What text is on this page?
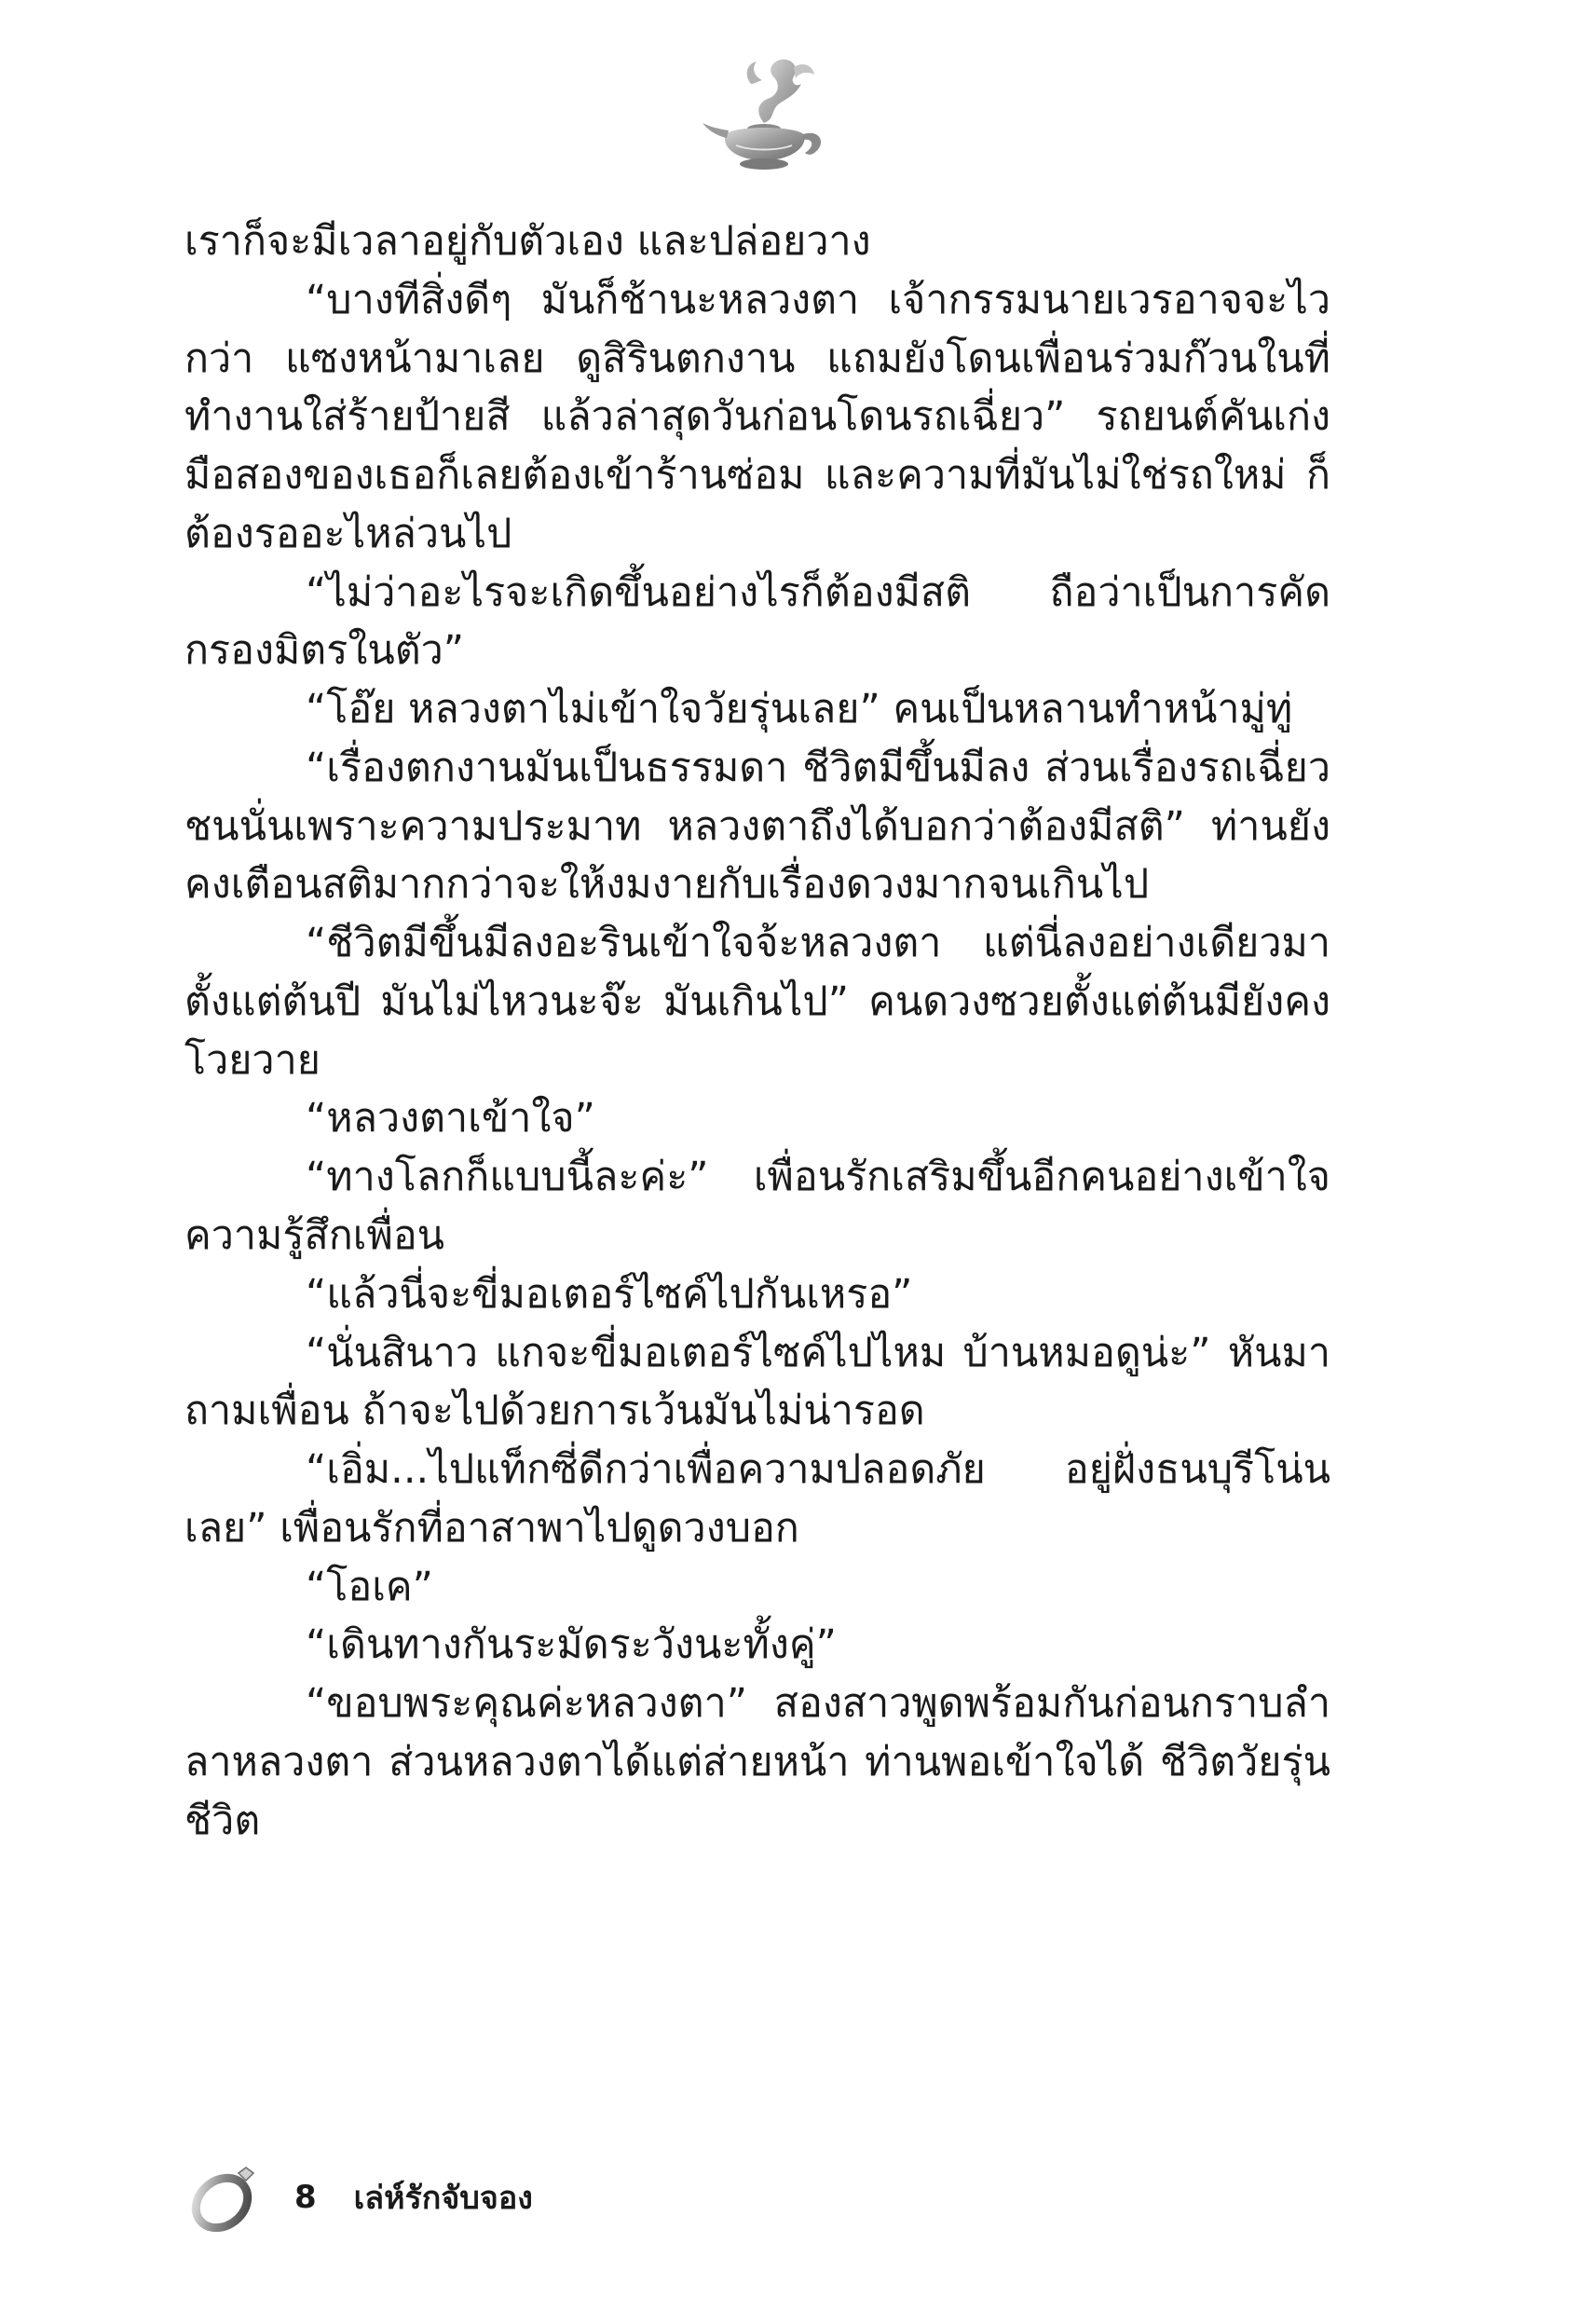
เราก็จะมีเวลาอยู่กับตัวเอง และปล่อยวาง

“บางทีสิ่งดีๆ มันก็ช้านะหลวงตา เจ้ากรรมนายเวรอาจจะไวกว่า แซงหน้ามาเลย ดูสิรินตกงาน แถมยังโดนเพื่อนร่วมก๊วนในที่ทำงานใส่ร้ายป้ายสี แล้วล่าสุดวันก่อนโดนรถเฉี่ยว” รถยนต์คันเก่งมือสองของเธอก็เลยต้องเข้าร้านซ่อม และความที่มันไม่ใช่รถใหม่ ก็ต้องรออะไหล่วนไป

“ไม่ว่าอะไรจะเกิดขึ้นอย่างไรก็ต้องมีสติ ถือว่าเป็นการคัดกรองมิตรในตัว”

“โอ๊ย หลวงตาไม่เข้าใจวัยรุ่นเลย” คนเป็นหลานทำหน้ามู่ทู่

“เรื่องตกงานมันเป็นธรรมดา ชีวิตมีขึ้นมีลง ส่วนเรื่องรถเฉี่ยวชนนั่นเพราะความประมาท หลวงตาถึงได้บอกว่าต้องมีสติ” ท่านยังคงเตือนสติมากกว่าจะให้งมงายกับเรื่องดวงมากจนเกินไป

“ชีวิตมีขึ้นมีลงอะรินเข้าใจจ้ะหลวงตา แต่นี่ลงอย่างเดียวมาตั้งแต่ต้นปี มันไม่ไหวนะจ๊ะ มันเกินไป” คนดวงซวยตั้งแต่ต้นมียังคงโวยวาย

“หลวงตาเข้าใจ”

“ทางโลกก็แบบนี้ละค่ะ” เพื่อนรักเสริมขึ้นอีกคนอย่างเข้าใจความรู้สึกเพื่อน

“แล้วนี่จะขี่มอเตอร์ไซค์ไปกันเหรอ”

“นั่นสินาว แกจะขี่มอเตอร์ไซค์ไปไหม บ้านหมอดูน่ะ” หันมาถามเพื่อน ถ้าจะไปด้วยการเว้นมันไม่น่ารอด

“เอิ่ม...ไปแท็กซี่ดีกว่าเพื่อความปลอดภัย อยู่ฝั่งธนบุรีโน่นเลย” เพื่อนรักที่อาสาพาไปดูดวงบอก

“โอเค”

“เดินทางกันระมัดระวังนะทั้งคู่”

“ขอบพระคุณค่ะหลวงตา” สองสาวพูดพร้อมกันก่อนกราบลำลาหลวงตา ส่วนหลวงตาได้แต่ส่ายหน้า ท่านพอเข้าใจได้ ชีวิตวัยรุ่น ชีวิต

8 เล่ห์รักจับจอง
